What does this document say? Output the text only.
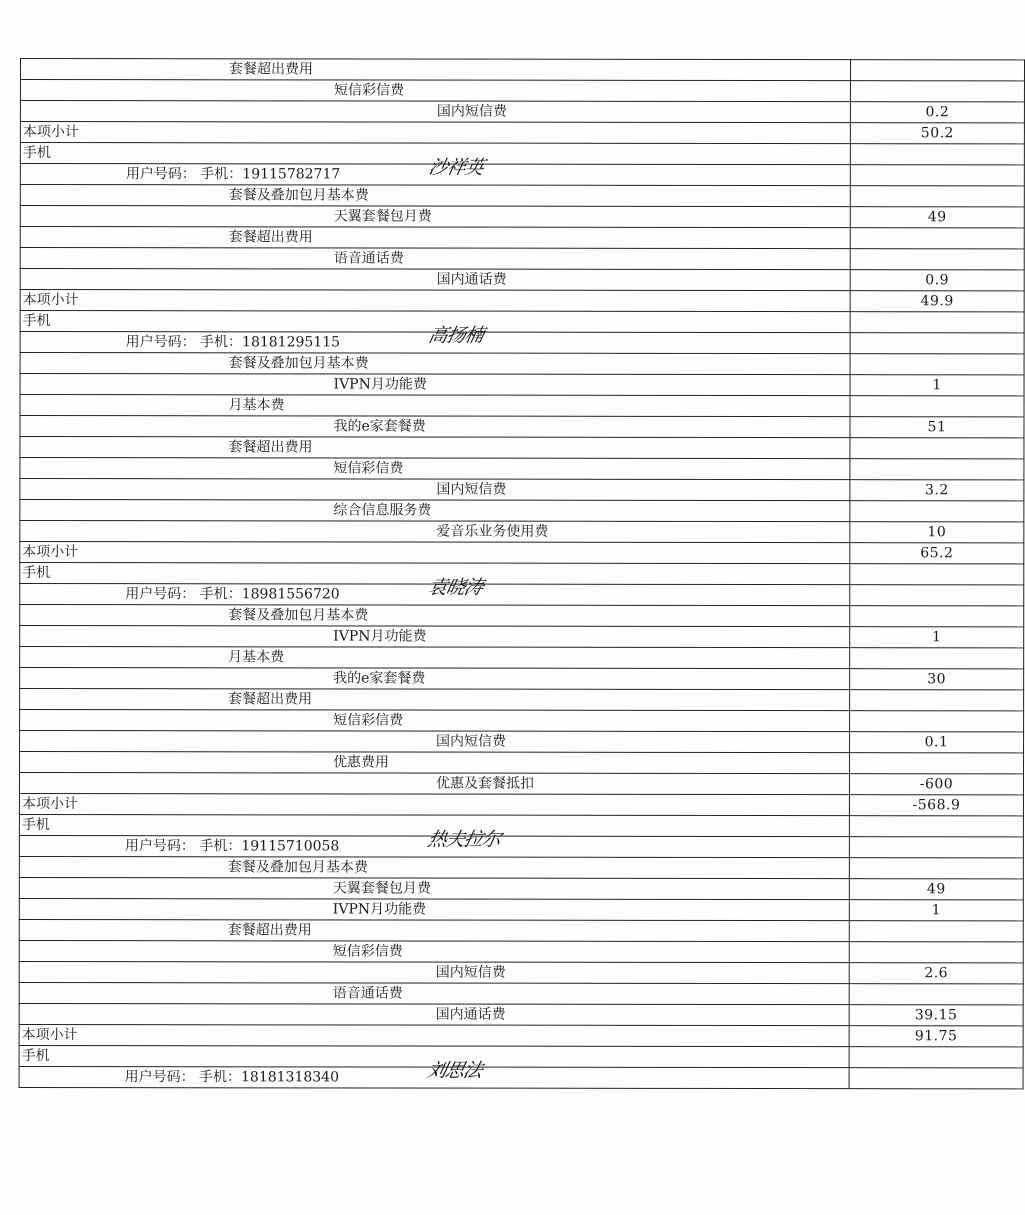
套餐超出费用	
短信彩信费	
国内短信费	0.2
本项小计	50.2
手机	
用户号码： 手机：19115782717 沙祥英	

套餐及叠加包月基本费	
天翼套餐包月费	49
套餐超出费用	
语音通话费	
国内通话费	0.9
本项小计	49.9
手机	
用户号码： 手机：18181295115 高扬楠	

套餐及叠加包月基本费	
IVPN月功能费	1
月基本费	
我的e家套餐费	51
套餐超出费用	
短信彩信费	
国内短信费	3.2
综合信息服务费	
爱音乐业务使用费	10
本项小计	65.2
手机	
用户号码： 手机：18981556720 袁晓涛	

套餐及叠加包月基本费	
IVPN月功能费	1
月基本费	
我的e家套餐费	30
套餐超出费用	
短信彩信费	
国内短信费	0.1
优惠费用	
优惠及套餐抵扣	-600
本项小计	-568.9
手机	
用户号码： 手机：19115710058 热夫拉尔	

套餐及叠加包月基本费	
天翼套餐包月费	49
IVPN月功能费	1
套餐超出费用	
短信彩信费	
国内短信费	2.6
语音通话费	
国内通话费	39.15
本项小计	91.75
手机	
用户号码： 手机：18181318340 刘思法	
